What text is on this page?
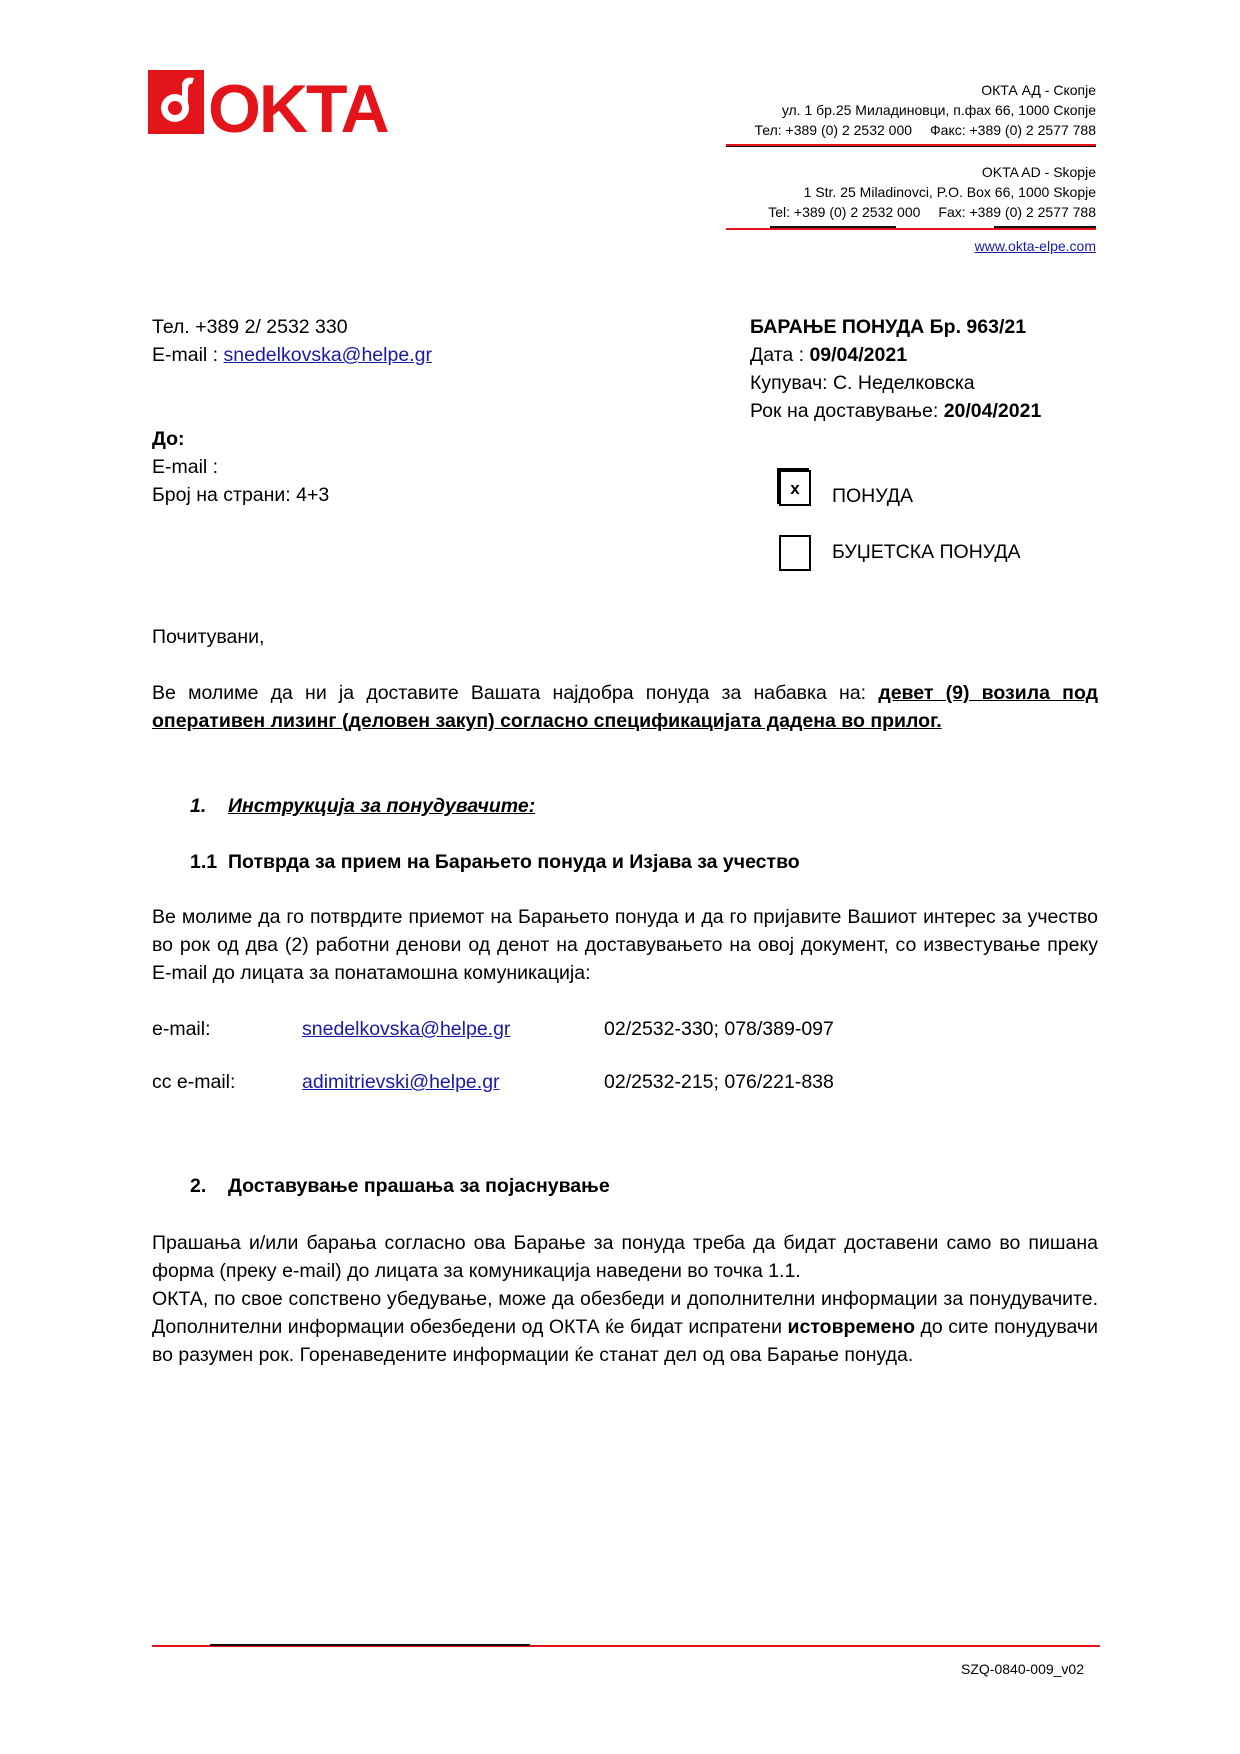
OKTA	ОКТА АД - Скопје
ул. 1 бр.25 Миладиновци, п.фах 66, 1000 Скопје
Тел: +389 (0) 2 2532 000 Факс: +389 (0) 2 2577 788
OKTA AD - Skopje
1 Str. 25 Miladinovci, P.O. Box 66, 1000 Skopje
Tel: +389 (0) 2 2532 000 Fax: +389 (0) 2 2577 788
www.okta-elpe.com
Тел. +389 2/ 2532 330
E-mail : snedelkovska@helpe.gr
БАРАЊЕ ПОНУДА Бр. 963/21
Дата : 09/04/2021
Купувач: С. Неделковска
Рок на доставување: 20/04/2021
До:
E-mail :
Број на страни: 4+3	x	ПОНУДА
БУЏЕТСКА ПОНУДА
Почитувани,
Ве молиме да ни ја доставите Вашата најдобра понуда за набавка на: девет (9) возила под оперативен лизинг (деловен закуп) согласно спецификацијата дадена во прилог.
1. Инструкција за понудувачите:
1.1 Потврда за прием на Барањето понуда и Изјава за учество
Ве молиме да го потврдите приемот на Барањето понуда и да го пријавите Вашиот интерес за учество во рок од два (2) работни денови од денот на доставувањето на овој документ, со известување преку E-mail до лицата за понатамошна комуникација:
e-mail:	snedelkovska@helpe.gr	02/2532-330; 078/389-097
cc e-mail:	adimitrievski@helpe.gr	02/2532-215; 076/221-838
2. Доставување прашања за појаснување
Прашања и/или барања согласно ова Барање за понуда треба да бидат доставени само во пишана форма (преку e-mail) до лицата за комуникација наведени во точка 1.1.
ОКТА, по свое сопствено убедување, може да обезбеди и дополнителни информации за понудувачите. Дополнителни информации обезбедени од ОКТА ќе бидат испратени истовремено до сите понудувачи во разумен рок. Горенаведените информации ќе станат дел од ова Барање понуда.
SZQ-0840-009_v02
